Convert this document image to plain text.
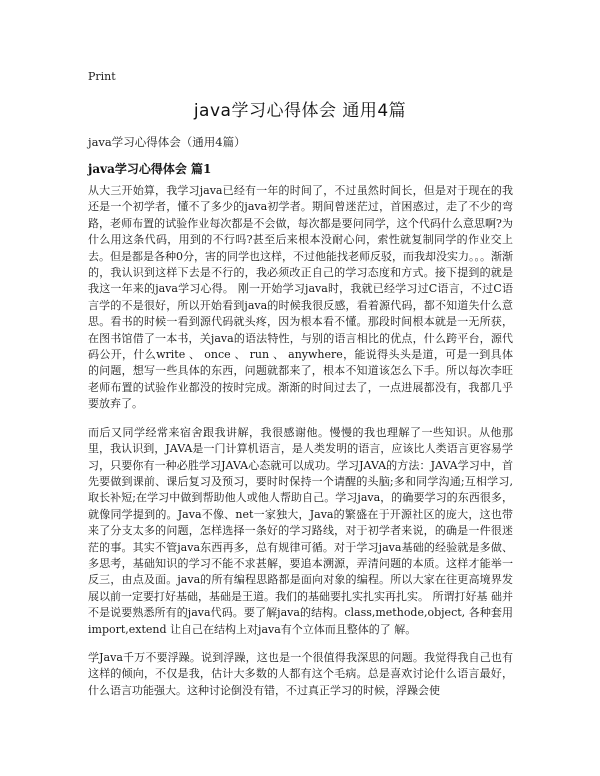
Print
java学习心得体会 通用4篇
java学习心得体会（通用4篇）
java学习心得体会 篇1

从大三开始算，我学习java已经有一年的时间了，不过虽然时间长，但是对于现在的我还是一个初学者，懂不了多少的java初学者。期间曾迷茫过，首困惑过，走了不少的弯路，老师布置的试验作业每次都是不会做，每次都是要问同学，这个代码什么意思啊?为什么用这条代码，用到的不行吗?甚至后来根本没耐心问，索性就复制同学的作业交上去。但是都是各种0分，害的同学也这样，不过他能找老师反驳，而我却没实力。。。渐渐的，我认识到这样下去是不行的，我必须改正自己的学习态度和方式。接下提到的就是我这一年来的java学习心得。 刚一开始学习java时，我就已经学习过C语言，不过C语言学的不是很好，所以开始看到java的时候我很反感，看着源代码，都不知道失什么意思。看书的时候一看到源代码就头疼，因为根本看不懂。那段时间根本就是一无所获，在图书馆借了一本书，关java的语法特性，与别的语言相比的优点，什么跨平台，源代码公开，什么write 、 once 、 run 、 anywhere，能说得头头是道，可是一到具体的问题，想写一些具体的东西，问题就都来了，根本不知道该怎么下手。所以每次李旺老师布置的试验作业都没的按时完成。渐渐的时间过去了，一点进展都没有，我都几乎要放弃了。

而后又同学经常来宿舍跟我讲解，我很感谢他。慢慢的我也理解了一些知识。从他那里，我认识到，JAVA是一门计算机语言，是人类发明的语言，应该比人类语言更容易学习，只要你有一种必胜学习JAVA心态就可以成功。学习JAVA的方法：JAVA学习中，首先要做到课前、课后复习及预习，要时时保持一个请醒的头脑;多和同学沟通;互相学习,取长补短;在学习中做到帮助他人或他人帮助自己。学习java，的确要学习的东西很多，就像同学提到的。Java不像、net一家独大，Java的繁盛在于开源社区的庞大，这也带来了分支太多的问题，怎样选择一条好的学习路线，对于初学者来说，的确是一件很迷茫的事。其实不管java东西再多，总有规律可循。对于学习java基础的经验就是多做、多思考，基础知识的学习不能不求甚解，要追本溯源，弄清问题的本质。这样才能举一反三，由点及面。java的所有编程思路都是面向对象的编程。所以大家在往更高境界发展以前一定要打好基础，基础是王道。我们的基础要扎实扎实再扎实。 所谓打好基 础并不是说要熟悉所有的java代码。要了解java的结构。class,methode,object, 各种套用import,extend 让自己在结构上对java有个立体而且整体的了 解。

学Java千万不要浮躁。说到浮躁，这也是一个很值得我深思的问题。我觉得我自己也有这样的倾向，不仅是我，估计大多数的人都有这个毛病。总是喜欢讨论什么语言最好，什么语言功能强大。这种讨论倒没有错，不过真正学习的时候，浮躁会使
